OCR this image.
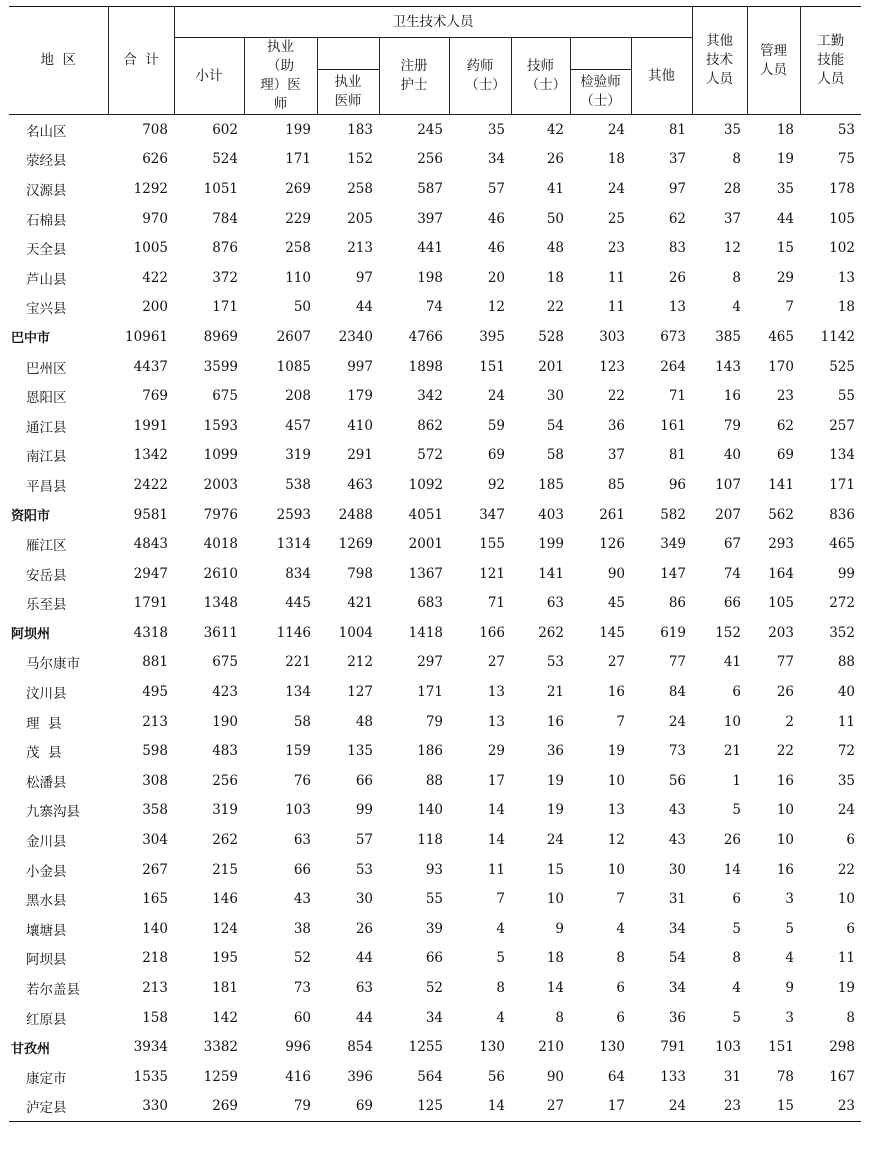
地  区	合  计	卫生技术人员								其他技术人员	管理人员	工勤技能人员

		小计	执业（助理）医师		注册护士	药师（士）	技师（士）		其他			

				执业医师				检验师（士）				

名山区	708	602	199	183	245	35	42	24	81	35	18	53
荥经县	626	524	171	152	256	34	26	18	37	8	19	75
汉源县	1292	1051	269	258	587	57	41	24	97	28	35	178
石棉县	970	784	229	205	397	46	50	25	62	37	44	105
天全县	1005	876	258	213	441	46	48	23	83	12	15	102
芦山县	422	372	110	97	198	20	18	11	26	8	29	13
宝兴县	200	171	50	44	74	12	22	11	13	4	7	18
巴中市	10961	8969	2607	2340	4766	395	528	303	673	385	465	1142
巴州区	4437	3599	1085	997	1898	151	201	123	264	143	170	525
恩阳区	769	675	208	179	342	24	30	22	71	16	23	55
通江县	1991	1593	457	410	862	59	54	36	161	79	62	257
南江县	1342	1099	319	291	572	69	58	37	81	40	69	134
平昌县	2422	2003	538	463	1092	92	185	85	96	107	141	171
资阳市	9581	7976	2593	2488	4051	347	403	261	582	207	562	836
雁江区	4843	4018	1314	1269	2001	155	199	126	349	67	293	465
安岳县	2947	2610	834	798	1367	121	141	90	147	74	164	99
乐至县	1791	1348	445	421	683	71	63	45	86	66	105	272
阿坝州	4318	3611	1146	1004	1418	166	262	145	619	152	203	352
马尔康市	881	675	221	212	297	27	53	27	77	41	77	88
汶川县	495	423	134	127	171	13	21	16	84	6	26	40
理  县	213	190	58	48	79	13	16	7	24	10	2	11
茂  县	598	483	159	135	186	29	36	19	73	21	22	72
松潘县	308	256	76	66	88	17	19	10	56	1	16	35
九寨沟县	358	319	103	99	140	14	19	13	43	5	10	24
金川县	304	262	63	57	118	14	24	12	43	26	10	6
小金县	267	215	66	53	93	11	15	10	30	14	16	22
黑水县	165	146	43	30	55	7	10	7	31	6	3	10
壤塘县	140	124	38	26	39	4	9	4	34	5	5	6
阿坝县	218	195	52	44	66	5	18	8	54	8	4	11
若尔盖县	213	181	73	63	52	8	14	6	34	4	9	19
红原县	158	142	60	44	34	4	8	6	36	5	3	8
甘孜州	3934	3382	996	854	1255	130	210	130	791	103	151	298
康定市	1535	1259	416	396	564	56	90	64	133	31	78	167
泸定县	330	269	79	69	125	14	27	17	24	23	15	23
